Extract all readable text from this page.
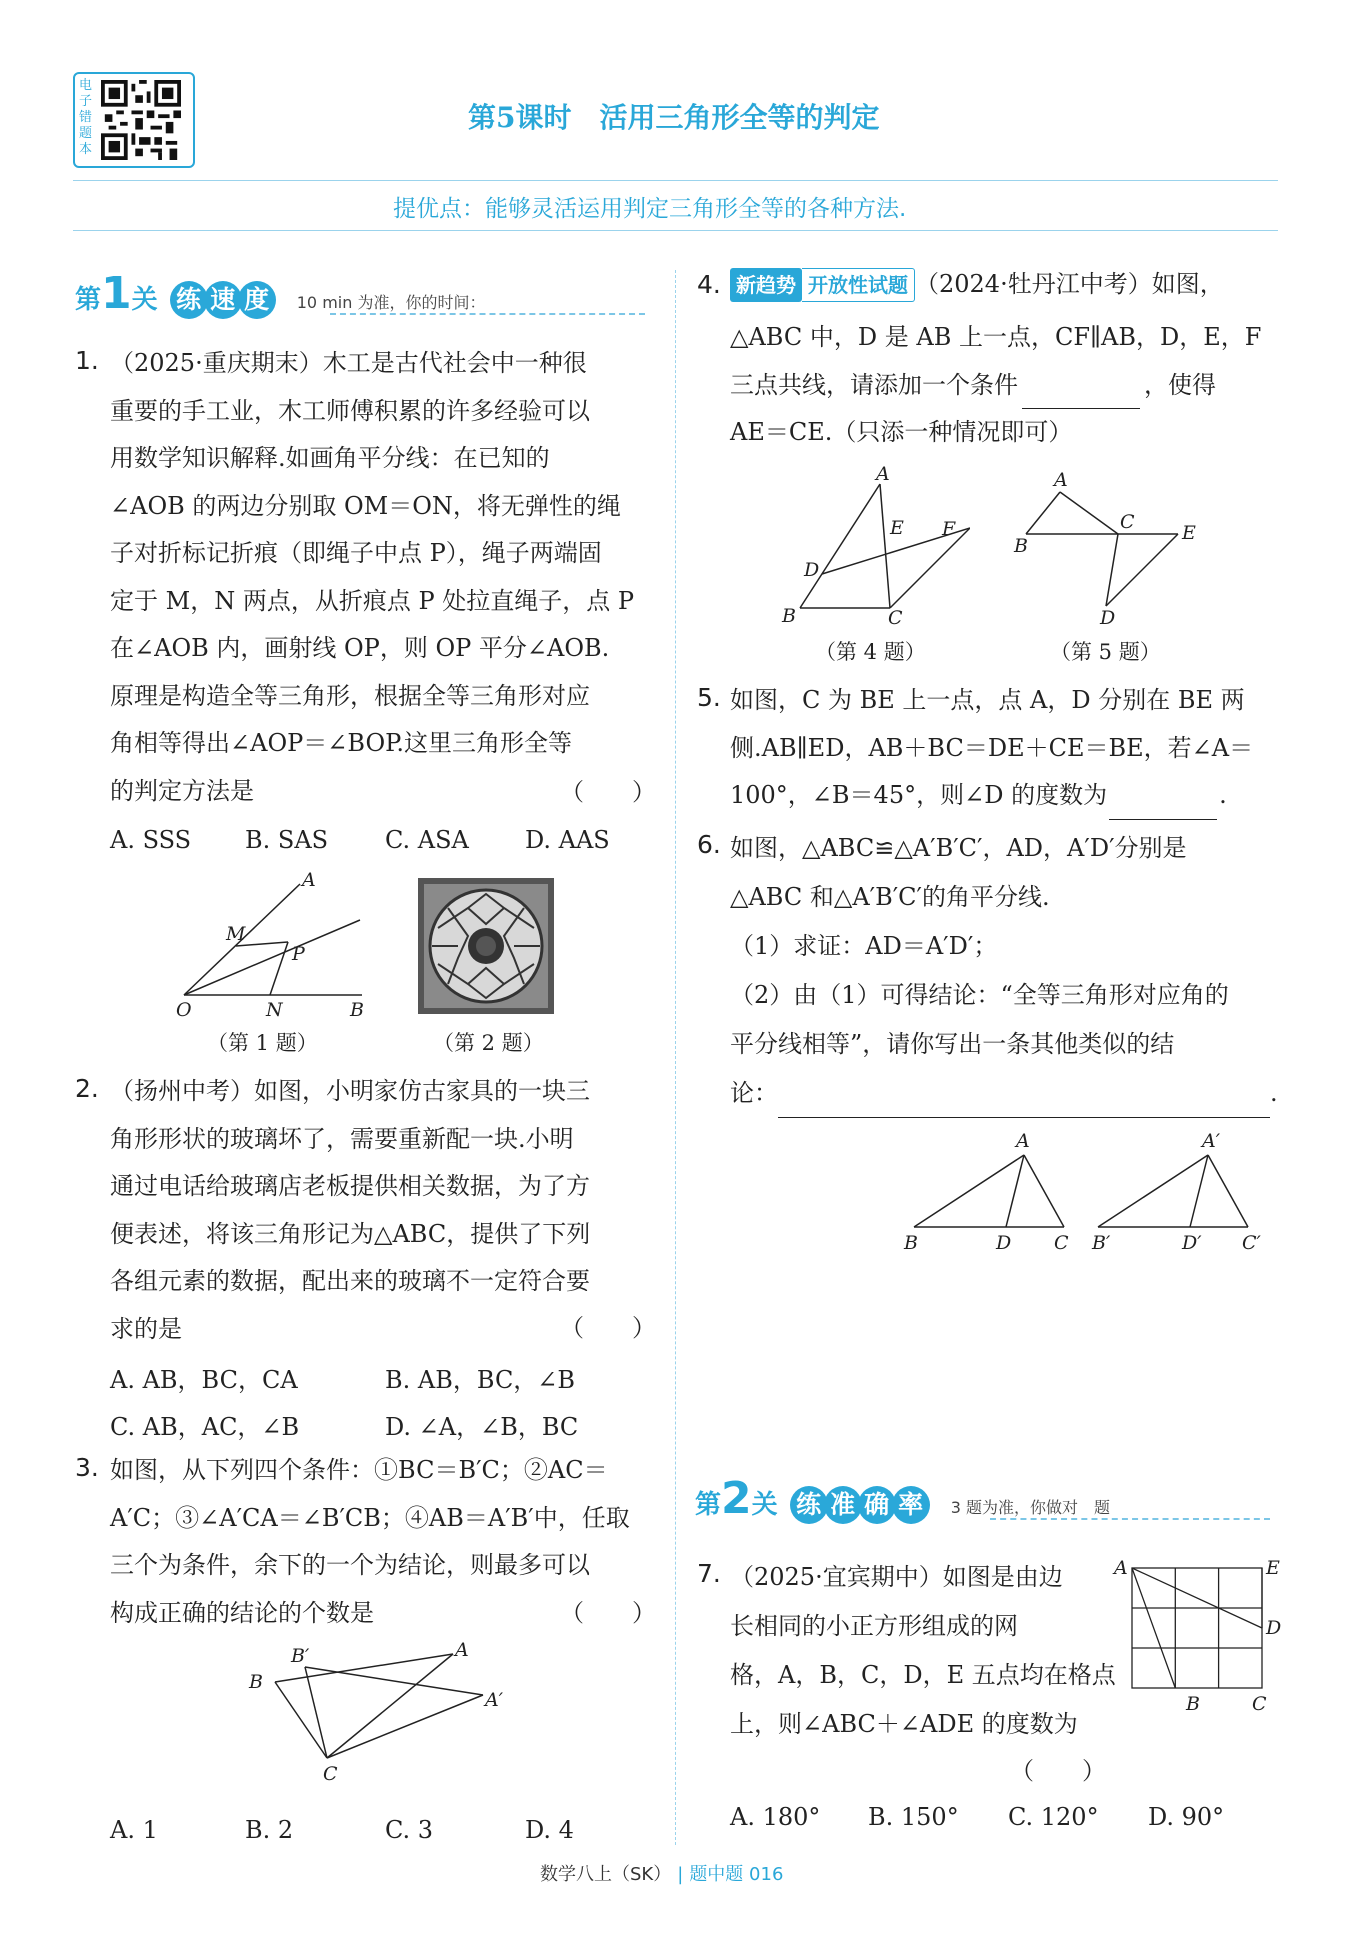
电子错题本
第5课时　活用三角形全等的判定
提优点：能够灵活运用判定三角形全等的各种方法.
第1关 练 速 度 10 min 为准，你的时间：
1. （2025·重庆期末）木工是古代社会中一种很
重要的手工业，木工师傅积累的许多经验可以
用数学知识解释.如画角平分线：在已知的
∠AOB 的两边分别取 OM＝ON，将无弹性的绳
子对折标记折痕（即绳子中点 P），绳子两端固
定于 M，N 两点，从折痕点 P 处拉直绳子，点 P
在∠AOB 内，画射线 OP，则 OP 平分∠AOB.
原理是构造全等三角形，根据全等三角形对应
角相等得出∠AOP＝∠BOP.这里三角形全等
的判定方法是	（　　）
A. SSS B. SAS C. ASA D. AAS
A
M
P
O	N	B
（第 1 题）	（第 2 题）
2. （扬州中考）如图，小明家仿古家具的一块三
角形形状的玻璃坏了，需要重新配一块.小明
通过电话给玻璃店老板提供相关数据，为了方
便表述，将该三角形记为△ABC，提供了下列
各组元素的数据，配出来的玻璃不一定符合要
求的是	（　　）
A. AB，BC，CA	B. AB，BC，∠B
C. AB，AC，∠B	D. ∠A，∠B，BC
3. 如图，从下列四个条件：①BC＝B′C；②AC＝
A′C；③∠A′CA＝∠B′CB；④AB＝A′B′中，任取
三个为条件，余下的一个为结论，则最多可以
构成正确的结论的个数是	（　　）
B′
B
A
A′
C
A. 1	B. 2	C. 3	D. 4
4. 新趋势 开放性试题 （2024·牡丹江中考）如图，
△ABC 中，D 是 AB 上一点，CF∥AB，D，E，F
三点共线，请添加一个条件	，使得
AE＝CE.（只添一种情况即可）
A
E F
D
B	C
（第 4 题）
A
C E
B
D
（第 5 题）
5. 如图，C 为 BE 上一点，点 A，D 分别在 BE 两
侧.AB∥ED，AB＋BC＝DE＋CE＝BE，若∠A＝
100°，∠B＝45°，则∠D 的度数为	.
6. 如图，△ABC≌△A′B′C′，AD，A′D′分别是
△ABC 和△A′B′C′的角平分线.
（1）求证：AD＝A′D′；
（2）由（1）可得结论：“全等三角形对应角的
平分线相等”，请你写出一条其他类似的结
论：	.
A
B	D C
A′
B′	D′ C′
第2关 练 准 确 率 3 题为准，你做对　题
7. （2025·宜宾期中）如图是由边
长相同的小正方形组成的网
格，A，B，C，D，E 五点均在格点
上，则∠ABC＋∠ADE 的度数为
（　　）
A	E
D
B	C
A. 180° B. 150° C. 120° D. 90°
数学八上（SK） | 题中题 016
